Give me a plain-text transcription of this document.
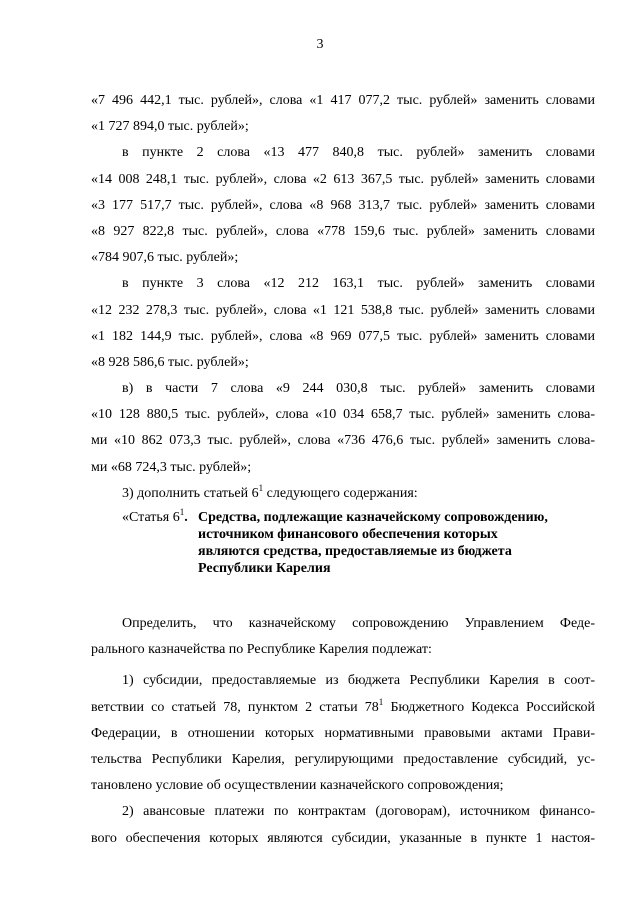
3
«7 496 442,1 тыс. рублей», слова «1 417 077,2 тыс. рублей» заменить словами
«1 727 894,0 тыс. рублей»;
в пункте 2 слова «13 477 840,8 тыс. рублей» заменить словами
«14 008 248,1 тыс. рублей», слова «2 613 367,5 тыс. рублей» заменить словами
«3 177 517,7 тыс. рублей», слова «8 968 313,7 тыс. рублей» заменить словами
«8 927 822,8 тыс. рублей», слова «778 159,6 тыс. рублей» заменить словами
«784 907,6 тыс. рублей»;
в пункте 3 слова «12 212 163,1 тыс. рублей» заменить словами
«12 232 278,3 тыс. рублей», слова «1 121 538,8 тыс. рублей» заменить словами
«1 182 144,9 тыс. рублей», слова «8 969 077,5 тыс. рублей» заменить словами
«8 928 586,6 тыс. рублей»;
в) в части 7 слова «9 244 030,8 тыс. рублей» заменить словами
«10 128 880,5 тыс. рублей», слова «10 034 658,7 тыс. рублей» заменить слова-
ми «10 862 073,3 тыс. рублей», слова «736 476,6 тыс. рублей» заменить слова-
ми «68 724,3 тыс. рублей»;
3) дополнить статьей $6^1$ следующего содержания:
«Статья $6^1$. Средства, подлежащие казначейскому сопровождению,
источником финансового обеспечения которых
являются средства, предоставляемые из бюджета
Республики Карелия
Определить, что казначейскому сопровождению Управлением Феде-
рального казначейства по Республике Карелия подлежат:
1) субсидии, предоставляемые из бюджета Республики Карелия в соот-
ветствии со статьей 78, пунктом 2 статьи $78^1$ Бюджетного Кодекса Российской
Федерации, в отношении которых нормативными правовыми актами Прави-
тельства Республики Карелия, регулирующими предоставление субсидий, ус-
тановлено условие об осуществлении казначейского сопровождения;
2) авансовые платежи по контрактам (договорам), источником финансо-
вого обеспечения которых являются субсидии, указанные в пункте 1 настоя-
